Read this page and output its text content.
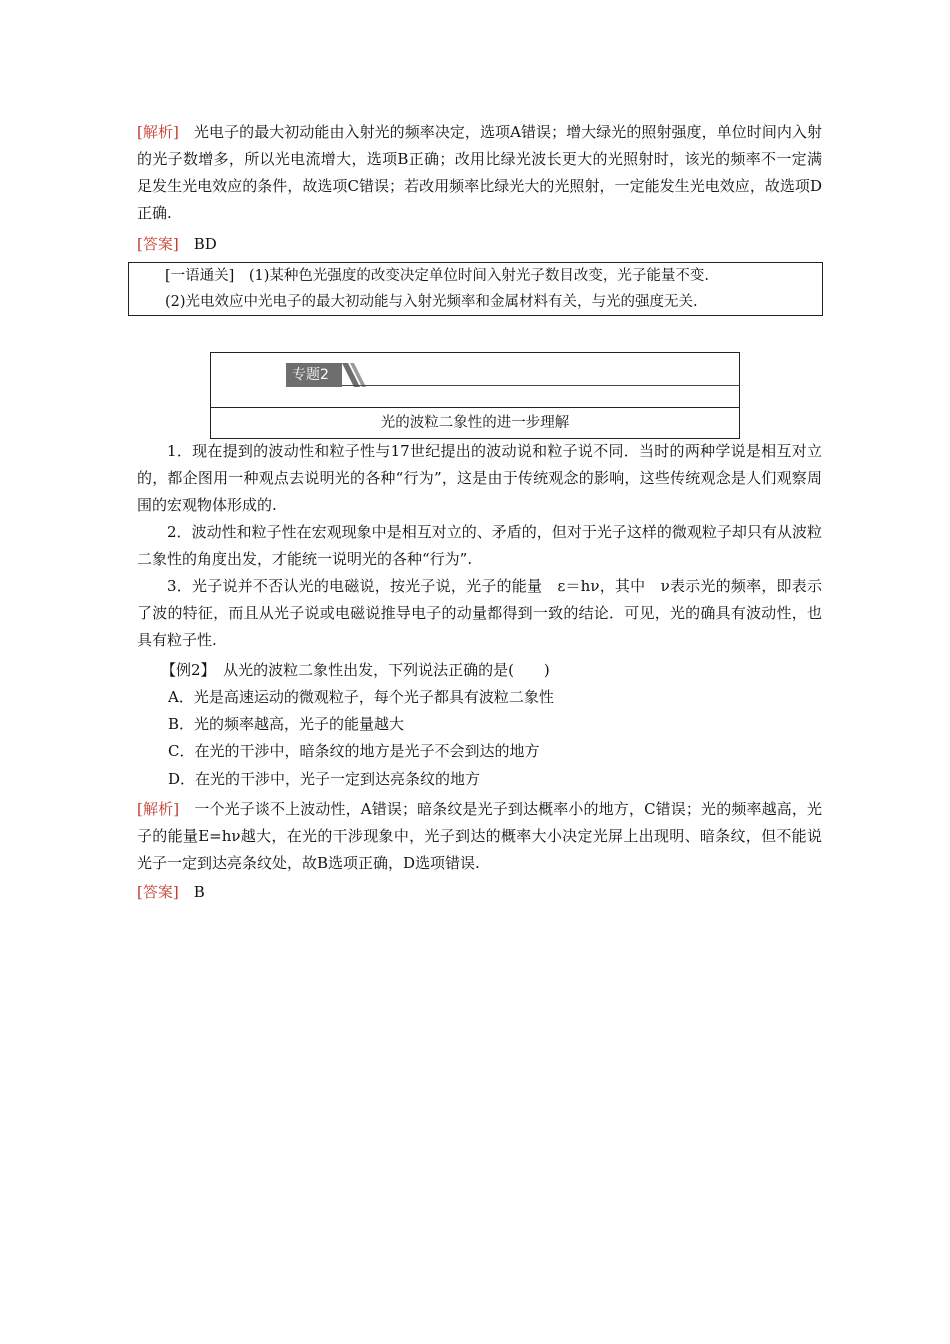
[解析]　 光电子的最大初动能由入射光的频率决定，选项A错误；增大绿光的照射强度，单位时间内入射的光子数增多，所以光电流增大，选项B正确；改用比绿光波长更大的光照射时，该光的频率不一定满足发生光电效应的条件，故选项C错误；若改用频率比绿光大的光照射，一定能发生光电效应，故选项D正确.

[答案]　 BD

[一语通关]　 (1)某种色光强度的改变决定单位时间入射光子数目改变，光子能量不变.
(2)光电效应中光电子的最大初动能与入射光频率和金属材料有关，与光的强度无关.
专题2
光的波粒二象性的进一步理解

1．现在提到的波动性和粒子性与17世纪提出的波动说和粒子说不同．当时的两种学说是相互对立的，都企图用一种观点去说明光的各种“行为”，这是由于传统观念的影响，这些传统观念是人们观察周围的宏观物体形成的.

2．波动性和粒子性在宏观现象中是相互对立的、矛盾的，但对于光子这样的微观粒子却只有从波粒二象性的角度出发，才能统一说明光的各种“行为”.

3．光子说并不否认光的电磁说，按光子说，光子的能量　ε＝hν，其中　ν表示光的频率，即表示了波的特征，而且从光子说或电磁说推导电子的动量都得到一致的结论．可见，光的确具有波动性，也具有粒子性.

【例2】　 从光的波粒二象性出发，下列说法正确的是(　　)

A．光是高速运动的微观粒子，每个光子都具有波粒二象性

B．光的频率越高，光子的能量越大

C．在光的干涉中，暗条纹的地方是光子不会到达的地方

D．在光的干涉中，光子一定到达亮条纹的地方

[解析]　 一个光子谈不上波动性，A错误；暗条纹是光子到达概率小的地方，C错误；光的频率越高，光子的能量E=hν越大，在光的干涉现象中，光子到达的概率大小决定光屏上出现明、暗条纹，但不能说光子一定到达亮条纹处，故B选项正确，D选项错误.

[答案]　 B
